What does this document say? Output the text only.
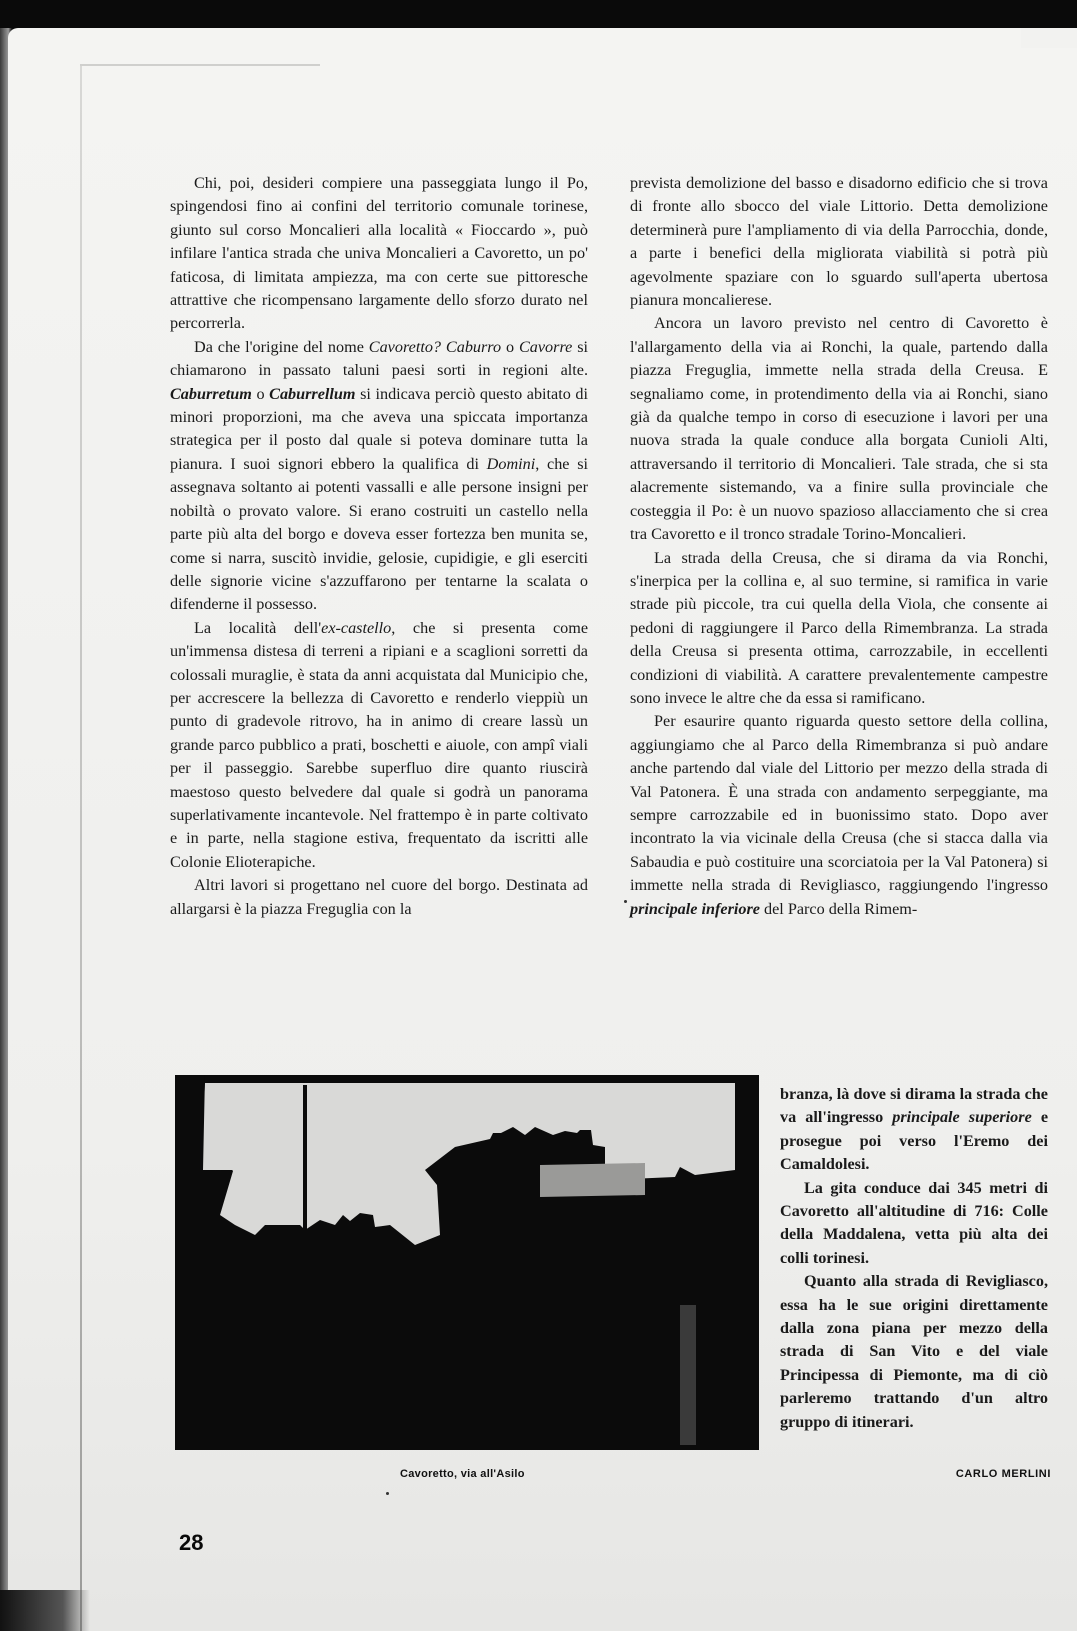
Chi, poi, desideri compiere una passeggiata lungo il Po, spingendosi fino ai confini del territorio comunale torinese, giunto sul corso Moncalieri alla località « Fioccardo », può infilare l'antica strada che univa Moncalieri a Cavoretto, un po' faticosa, di limitata ampiezza, ma con certe sue pittoresche attrattive che ricompensano largamente dello sforzo durato nel percorrerla.

Da che l'origine del nome Cavoretto? Caburro o Cavorre si chiamarono in passato taluni paesi sorti in regioni alte. Caburretum o Caburrellum si indicava perciò questo abitato di minori proporzioni, ma che aveva una spiccata importanza strategica per il posto dal quale si poteva dominare tutta la pianura. I suoi signori ebbero la qualifica di Domini, che si assegnava soltanto ai potenti vassalli e alle persone insigni per nobiltà o provato valore. Si erano costruiti un castello nella parte più alta del borgo e doveva esser fortezza ben munita se, come si narra, suscitò invidie, gelosie, cupidigie, e gli eserciti delle signorie vicine s'azzuffarono per tentarne la scalata o difenderne il possesso.

La località dell'ex-castello, che si presenta come un'immensa distesa di terreni a ripiani e a scaglioni sorretti da colossali muraglie, è stata da anni acquistata dal Municipio che, per accrescere la bellezza di Cavoretto e renderlo vieppiù un punto di gradevole ritrovo, ha in animo di creare lassù un grande parco pubblico a prati, boschetti e aiuole, con ampî viali per il passeggio. Sarebbe superfluo dire quanto riuscirà maestoso questo belvedere dal quale si godrà un panorama superlativamente incantevole. Nel frattempo è in parte coltivato e in parte, nella stagione estiva, frequentato da iscritti alle Colonie Elioterapiche.

Altri lavori si progettano nel cuore del borgo. Destinata ad allargarsi è la piazza Freguglia con la

prevista demolizione del basso e disadorno edificio che si trova di fronte allo sbocco del viale Littorio. Detta demolizione determinerà pure l'ampliamento di via della Parrocchia, donde, a parte i benefici della migliorata viabilità si potrà più agevolmente spaziare con lo sguardo sull'aperta ubertosa pianura moncalierese.

Ancora un lavoro previsto nel centro di Cavoretto è l'allargamento della via ai Ronchi, la quale, partendo dalla piazza Freguglia, immette nella strada della Creusa. E segnaliamo come, in protendimento della via ai Ronchi, siano già da qualche tempo in corso di esecuzione i lavori per una nuova strada la quale conduce alla borgata Cunioli Alti, attraversando il territorio di Moncalieri. Tale strada, che si sta alacremente sistemando, va a finire sulla provinciale che costeggia il Po: è un nuovo spazioso allacciamento che si crea tra Cavoretto e il tronco stradale Torino-Moncalieri.

La strada della Creusa, che si dirama da via Ronchi, s'inerpica per la collina e, al suo termine, si ramifica in varie strade più piccole, tra cui quella della Viola, che consente ai pedoni di raggiungere il Parco della Rimembranza. La strada della Creusa si presenta ottima, carrozzabile, in eccellenti condizioni di viabilità. A carattere prevalentemente campestre sono invece le altre che da essa si ramificano.

Per esaurire quanto riguarda questo settore della collina, aggiungiamo che al Parco della Rimembranza si può andare anche partendo dal viale del Littorio per mezzo della strada di Val Patonera. È una strada con andamento serpeggiante, ma sempre carrozzabile ed in buonissimo stato. Dopo aver incontrato la via vicinale della Creusa (che si stacca dalla via Sabaudia e può costituire una scorciatoia per la Val Patonera) si immette nella strada di Revigliasco, raggiungendo l'ingresso principale inferiore del Parco della Rimem-

branza, là dove si dirama la strada che va all'ingresso principale superiore e prosegue poi verso l'Eremo dei Camaldolesi.

La gita conduce dai 345 metri di Cavoretto all'altitudine di 716: Colle della Maddalena, vetta più alta dei colli torinesi.

Quanto alla strada di Revigliasco, essa ha le sue origini direttamente dalla zona piana per mezzo della strada di San Vito e del viale Principessa di Piemonte, ma di ciò parleremo trattando d'un altro gruppo di itinerari.

Cavoretto, via all'Asilo	CARLO MERLINI
28
